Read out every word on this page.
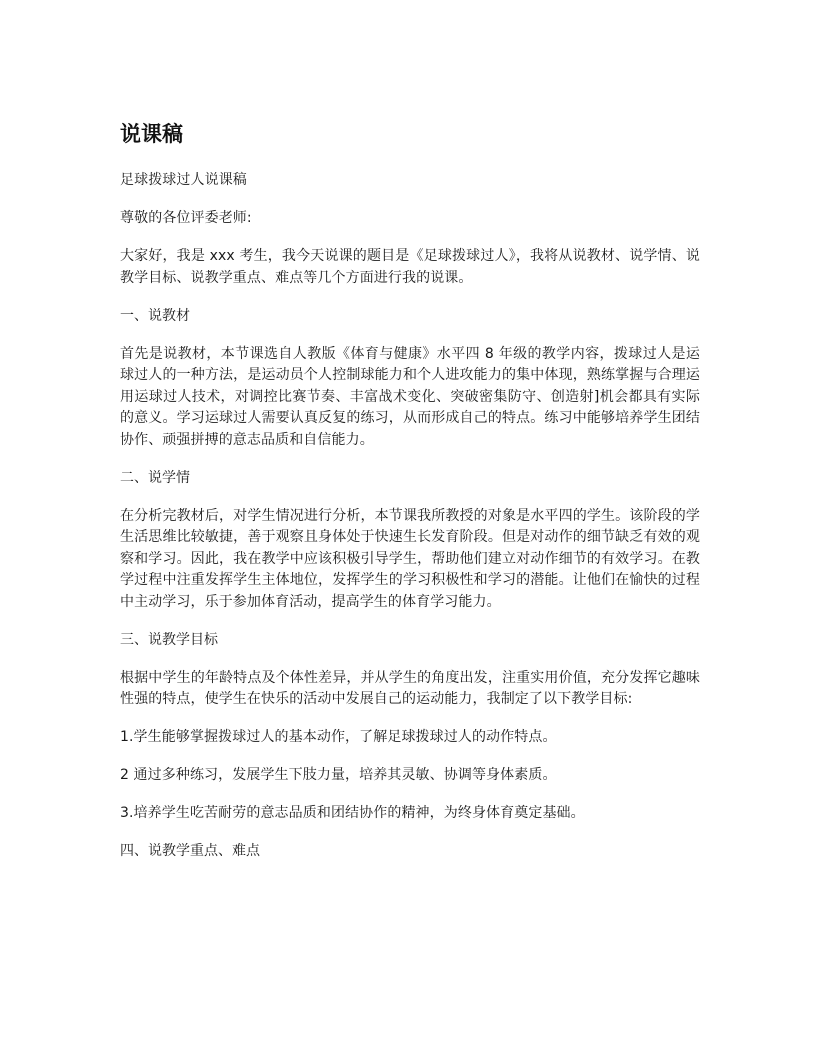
说课稿

足球拨球过人说课稿

尊敬的各位评委老师:

大家好，我是 xxx 考生，我今天说课的题目是《足球拨球过人》，我将从说教材、说学情、说教学目标、说教学重点、难点等几个方面进行我的说课。

一、说教材

首先是说教材，本节课选自人教版《体育与健康》水平四 8 年级的教学内容，拨球过人是运球过人的一种方法，是运动员个人控制球能力和个人进攻能力的集中体现，熟练掌握与合理运用运球过人技术，对调控比赛节奏、丰富战术变化、突破密集防守、创造射]机会都具有实际的意义。学习运球过人需要认真反复的练习，从而形成自己的特点。练习中能够培养学生团结协作、顽强拼搏的意志品质和自信能力。

二、说学情

在分析完教材后，对学生情况进行分析，本节课我所教授的对象是水平四的学生。该阶段的学生活思维比较敏捷，善于观察且身体处于快速生长发育阶段。但是对动作的细节缺乏有效的观察和学习。因此，我在教学中应该积极引导学生，帮助他们建立对动作细节的有效学习。在教学过程中注重发挥学生主体地位，发挥学生的学习积极性和学习的潜能。让他们在愉快的过程中主动学习，乐于参加体育活动，提高学生的体育学习能力。

三、说教学目标

根据中学生的年龄特点及个体性差异，并从学生的角度出发，注重实用价值，充分发挥它趣味性强的特点，使学生在快乐的活动中发展自己的运动能力，我制定了以下教学目标:

1.学生能够掌握拨球过人的基本动作，了解足球拨球过人的动作特点。

2 通过多种练习，发展学生下肢力量，培养其灵敏、协调等身体素质。

3.培养学生吃苦耐劳的意志品质和团结协作的精神，为终身体育奠定基础。

四、说教学重点、难点
